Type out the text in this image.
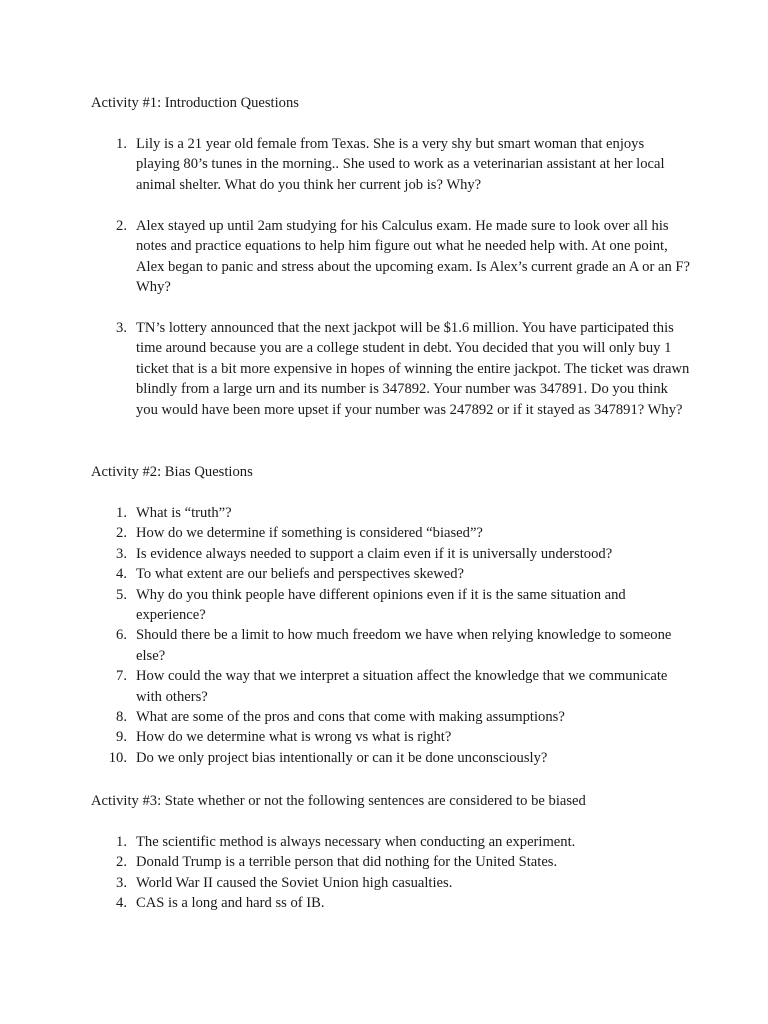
Activity #1: Introduction Questions
1. Lily is a 21 year old female from Texas. She is a very shy but smart woman that enjoys playing 80’s tunes in the morning.. She used to work as a veterinarian assistant at her local animal shelter. What do you think her current job is? Why?
2. Alex stayed up until 2am studying for his Calculus exam. He made sure to look over all his notes and practice equations to help him figure out what he needed help with. At one point, Alex began to panic and stress about the upcoming exam. Is Alex’s current grade an A or an F? Why?
3. TN’s lottery announced that the next jackpot will be $1.6 million. You have participated this time around because you are a college student in debt. You decided that you will only buy 1 ticket that is a bit more expensive in hopes of winning the entire jackpot. The ticket was drawn blindly from a large urn and its number is 347892. Your number was 347891. Do you think you would have been more upset if your number was 247892 or if it stayed as 347891? Why?
Activity #2: Bias Questions
1. What is “truth”?
2. How do we determine if something is considered “biased”?
3. Is evidence always needed to support a claim even if it is universally understood?
4. To what extent are our beliefs and perspectives skewed?
5. Why do you think people have different opinions even if it is the same situation and experience?
6. Should there be a limit to how much freedom we have when relying knowledge to someone else?
7. How could the way that we interpret a situation affect the knowledge that we communicate with others?
8. What are some of the pros and cons that come with making assumptions?
9. How do we determine what is wrong vs what is right?
10. Do we only project bias intentionally or can it be done unconsciously?
Activity #3: State whether or not the following sentences are considered to be biased
1. The scientific method is always necessary when conducting an experiment.
2. Donald Trump is a terrible person that did nothing for the United States.
3. World War II caused the Soviet Union high casualties.
4. CAS is a long and hard ss of IB.
